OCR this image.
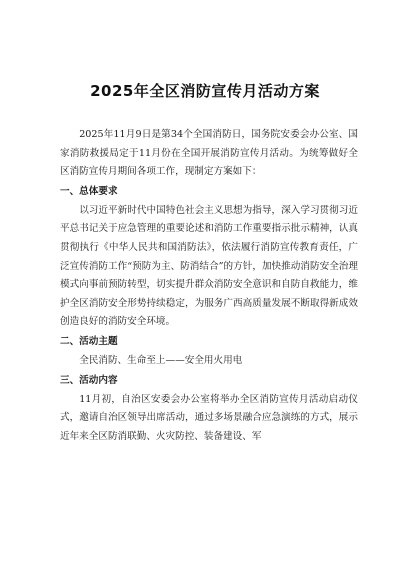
2025年全区消防宣传月活动方案

2025年11月9日是第34个全国消防日，国务院安委会办公室、国家消防救援局定于11月份在全国开展消防宣传月活动。为统筹做好全区消防宣传月期间各项工作，现制定方案如下：

一、总体要求

以习近平新时代中国特色社会主义思想为指导，深入学习贯彻习近平总书记关于应急管理的重要论述和消防工作重要指示批示精神，认真贯彻执行《中华人民共和国消防法》，依法履行消防宣传教育责任，广泛宣传消防工作“预防为主、防消结合”的方针，加快推动消防安全治理模式向事前预防转型，切实提升群众消防安全意识和自防自救能力，维护全区消防安全形势持续稳定，为服务广西高质量发展不断取得新成效创造良好的消防安全环境。

二、活动主题

全民消防、生命至上——安全用火用电

三、活动内容

11月初，自治区安委会办公室将举办全区消防宣传月活动启动仪式，邀请自治区领导出席活动，通过多场景融合应急演练的方式，展示近年来全区防消联勤、火灾防控、装备建设、军
